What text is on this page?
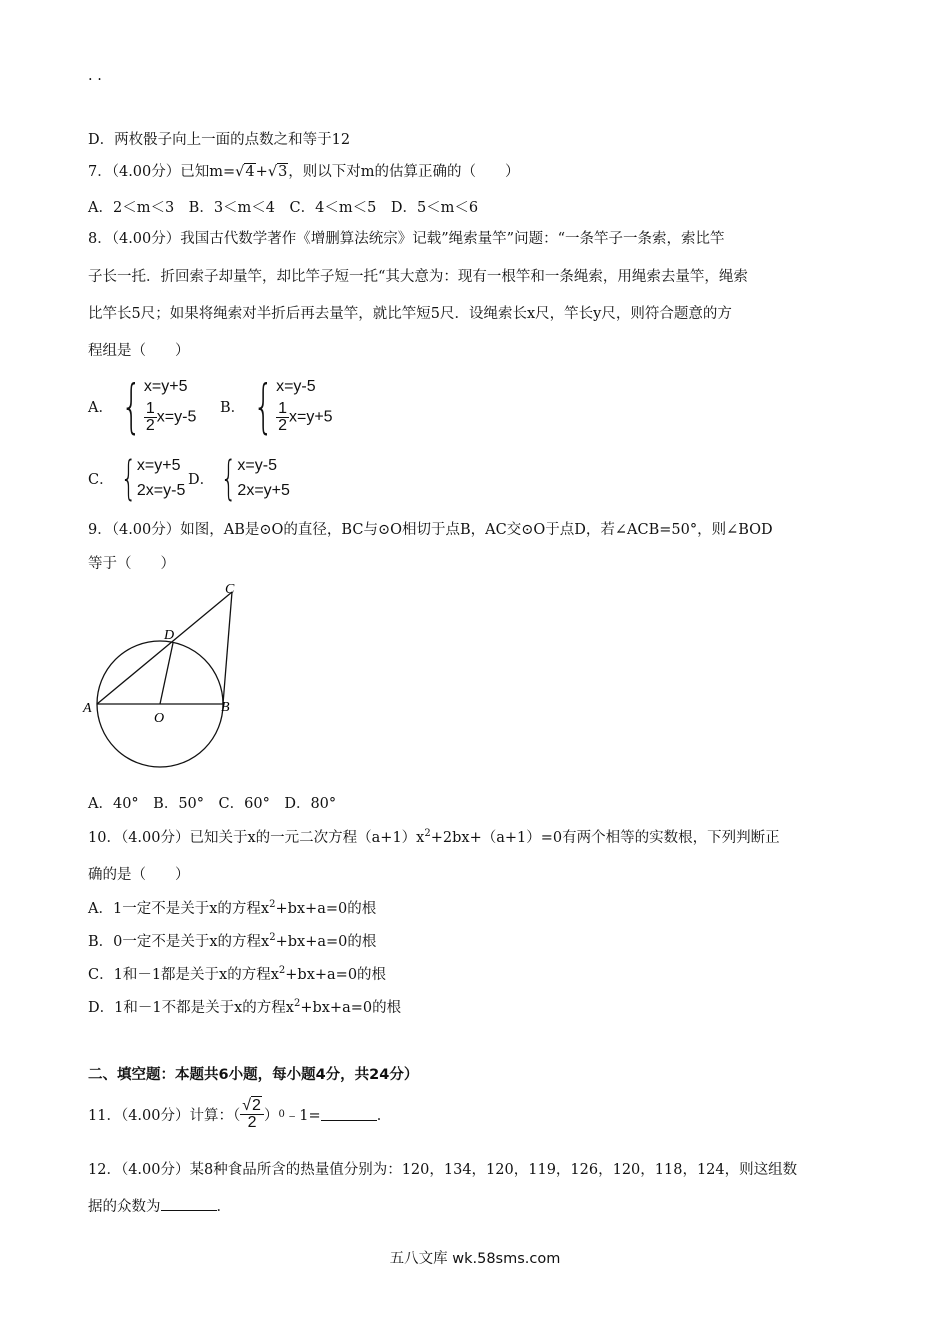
. .
D．两枚骰子向上一面的点数之和等于12
7．（4.00分）已知m=√4+√3，则以下对m的估算正确的（　　）
A．2＜m＜3　B．3＜m＜4　C．4＜m＜5　D．5＜m＜6
8．（4.00分）我国古代数学著作《增删算法统宗》记载”绳索量竿”问题：“一条竿子一条索，索比竿
子长一托．折回索子却量竿，却比竿子短一托“其大意为：现有一根竿和一条绳索，用绳索去量竿，绳索
比竿长5尺；如果将绳索对半折后再去量竿，就比竿短5尺．设绳索长x尺，竿长y尺，则符合题意的方
程组是（　　）
A． { x=y+5
$\frac{1}{2} x=y-5$
B． { x=y-5
$\frac{1}{2} x=y+5$
C． { x=y+5
2x=y-5
D． { x=y-5
2x=y+5
9．（4.00分）如图，AB是⊙O的直径，BC与⊙O相切于点B，AC交⊙O于点D，若∠ACB=50°，则∠BOD
等于（　　）
A	B
C
D
O
A．40°　B．50°　C．60°　D．80°
10．（4.00分）已知关于x的一元二次方程$(a+1)x^2+2bx+(a+1)=0$有两个相等的实数根，下列判断正
确的是（　　）
A．1一定不是关于x的方程$x^2+bx+a=0$的根
B．0一定不是关于x的方程$x^2+bx+a=0$的根
C．1和－1都是关于x的方程$x^2+bx+a=0$的根
D．1和－1不都是关于x的方程$x^2+bx+a=0$的根
二、填空题：本题共6小题，每小题4分，共24分）
11．（4.00分）计算：（ $\frac{√2}{2}$ ） 0 ﹣1=	．
12．（4.00分）某8种食品所含的热量值分别为：120，134，120，119，126，120，118，124，则这组数
据的众数为	．
五八文库 wk.58sms.com
